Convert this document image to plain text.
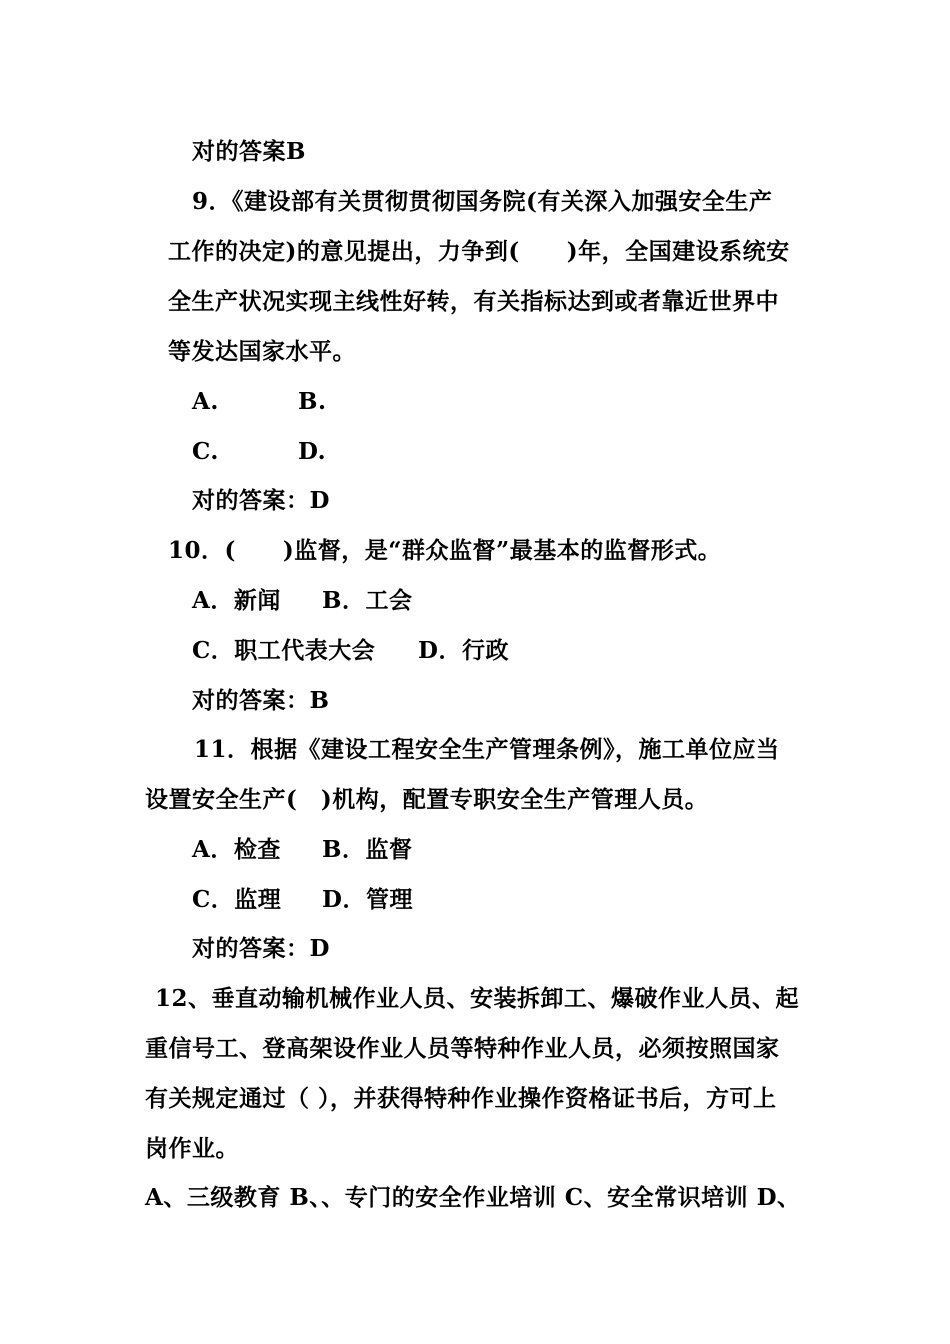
对的答案B
9．《建设部有关贯彻贯彻国务院(有关深入加强安全生产
工作的决定)的意见提出，力争到(　　)年，全国建设系统安
全生产状况实现主线性好转，有关指标达到或者靠近世界中
等发达国家水平。
A.	B.
C.	D.
对的答案：D
10．(　　)监督，是“群众监督”最基本的监督形式。
A．新闻 B．工会
C．职工代表大会 D．行政
对的答案：B
11．根据《建设工程安全生产管理条例》，施工单位应当
设置安全生产(　)机构，配置专职安全生产管理人员。
A．检查 B．监督
C．监理 D．管理
对的答案：D
12、垂直动输机械作业人员、安装拆卸工、爆破作业人员、起
重信号工、登高架设作业人员等特种作业人员，必须按照国家
有关规定通过（ ），并获得特种作业操作资格证书后，方可上
岗作业。
A、三级教育 B、、专门的安全作业培训 C、安全常识培训 D、
